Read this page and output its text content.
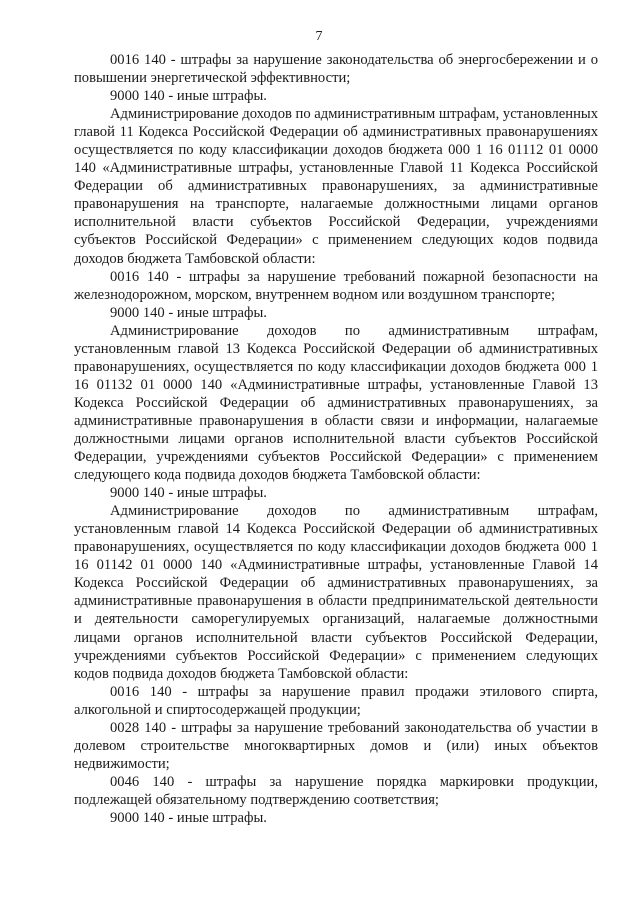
7

0016 140 - штрафы за нарушение законодательства об энергосбережении и о повышении энергетической эффективности;

9000 140 - иные штрафы.

Администрирование доходов по административным штрафам, установленных главой 11 Кодекса Российской Федерации об административных правонарушениях осуществляется по коду классификации доходов бюджета 000 1 16 01112 01 0000 140 «Административные штрафы, установленные Главой 11 Кодекса Российской Федерации об административных правонарушениях, за административные правонарушения на транспорте, налагаемые должностными лицами органов исполнительной власти субъектов Российской Федерации, учреждениями субъектов Российской Федерации» с применением следующих кодов подвида доходов бюджета Тамбовской области:

0016 140 - штрафы за нарушение требований пожарной безопасности на железнодорожном, морском, внутреннем водном или воздушном транспорте;

9000 140 - иные штрафы.

Администрирование доходов по административным штрафам, установленным главой 13 Кодекса Российской Федерации об административных правонарушениях, осуществляется по коду классификации доходов бюджета 000 1 16 01132 01 0000 140 «Административные штрафы, установленные Главой 13 Кодекса Российской Федерации об административных правонарушениях, за административные правонарушения в области связи и информации, налагаемые должностными лицами органов исполнительной власти субъектов Российской Федерации, учреждениями субъектов Российской Федерации» с применением следующего кода подвида доходов бюджета Тамбовской области:

9000 140 - иные штрафы.

Администрирование доходов по административным штрафам, установленным главой 14 Кодекса Российской Федерации об административных правонарушениях, осуществляется по коду классификации доходов бюджета 000 1 16 01142 01 0000 140 «Административные штрафы, установленные Главой 14 Кодекса Российской Федерации об административных правонарушениях, за административные правонарушения в области предпринимательской деятельности и деятельности саморегулируемых организаций, налагаемые должностными лицами органов исполнительной власти субъектов Российской Федерации, учреждениями субъектов Российской Федерации» с применением следующих кодов подвида доходов бюджета Тамбовской области:

0016 140 - штрафы за нарушение правил продажи этилового спирта, алкогольной и спиртосодержащей продукции;

0028 140 - штрафы за нарушение требований законодательства об участии в долевом строительстве многоквартирных домов и (или) иных объектов недвижимости;

0046 140 - штрафы за нарушение порядка маркировки продукции, подлежащей обязательному подтверждению соответствия;

9000 140 - иные штрафы.
